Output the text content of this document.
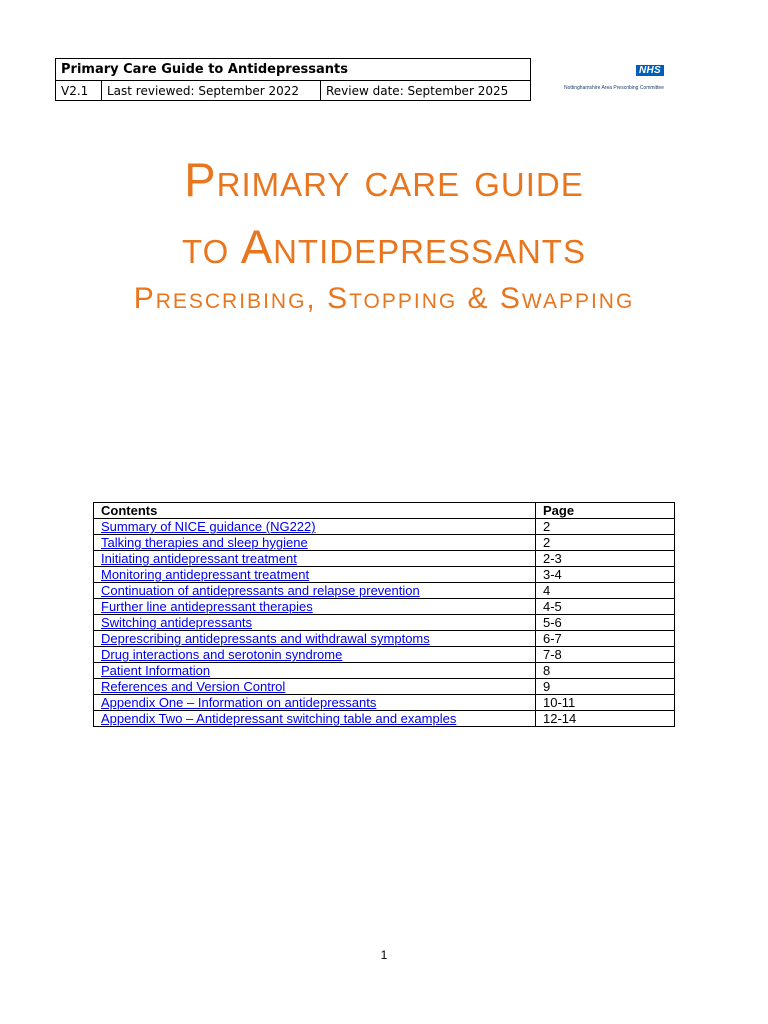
Primary Care Guide to Antidepressants
V2.1	Last reviewed: September 2022	Review date: September 2025
NHS
Nottinghamshire Area Prescribing Committee
Primary care guide
to Antidepressants
Prescribing, Stopping & Swapping
Contents	Page
Summary of NICE guidance (NG222)	2
Talking therapies and sleep hygiene	2
Initiating antidepressant treatment	2-3
Monitoring antidepressant treatment	3-4
Continuation of antidepressants and relapse prevention	4
Further line antidepressant therapies	4-5
Switching antidepressants	5-6
Deprescribing antidepressants and withdrawal symptoms	6-7
Drug interactions and serotonin syndrome	7-8
Patient Information	8
References and Version Control	9
Appendix One – Information on antidepressants	10-11
Appendix Two – Antidepressant switching table and examples	12-14
1
